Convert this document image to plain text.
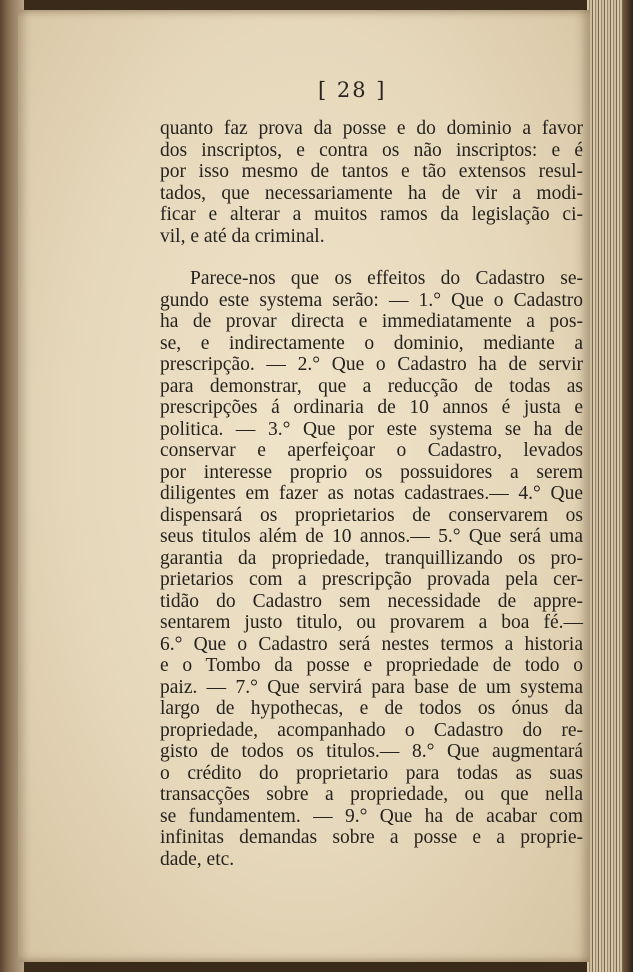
[ 28 ]

quanto faz prova da posse e do dominio a favor
dos inscriptos, e contra os não inscriptos: e é
por isso mesmo de tantos e tão extensos resul-
tados, que necessariamente ha de vir a modi-
ficar e alterar a muitos ramos da legislação ci-
vil, e até da criminal.
Parece-nos que os effeitos do Cadastro se-
gundo este systema serão: — 1.° Que o Cadastro
ha de provar directa e immediatamente a pos-
se, e indirectamente o dominio, mediante a
prescripção. — 2.° Que o Cadastro ha de servir
para demonstrar, que a reducção de todas as
prescripções á ordinaria de 10 annos é justa e
politica. — 3.° Que por este systema se ha de
conservar e aperfeiçoar o Cadastro, levados
por interesse proprio os possuidores a serem
diligentes em fazer as notas cadastraes.— 4.° Que
dispensará os proprietarios de conservarem os
seus titulos além de 10 annos.— 5.° Que será uma
garantia da propriedade, tranquillizando os pro-
prietarios com a prescripção provada pela cer-
tidão do Cadastro sem necessidade de appre-
sentarem justo titulo, ou provarem a boa fé.—
6.° Que o Cadastro será nestes termos a historia
e o Tombo da posse e propriedade de todo o
paiz. — 7.° Que servirá para base de um systema
largo de hypothecas, e de todos os ónus da
propriedade, acompanhado o Cadastro do re-
gisto de todos os titulos.— 8.° Que augmentará
o crédito do proprietario para todas as suas
transacções sobre a propriedade, ou que nella
se fundamentem. — 9.° Que ha de acabar com
infinitas demandas sobre a posse e a proprie-
dade, etc.
